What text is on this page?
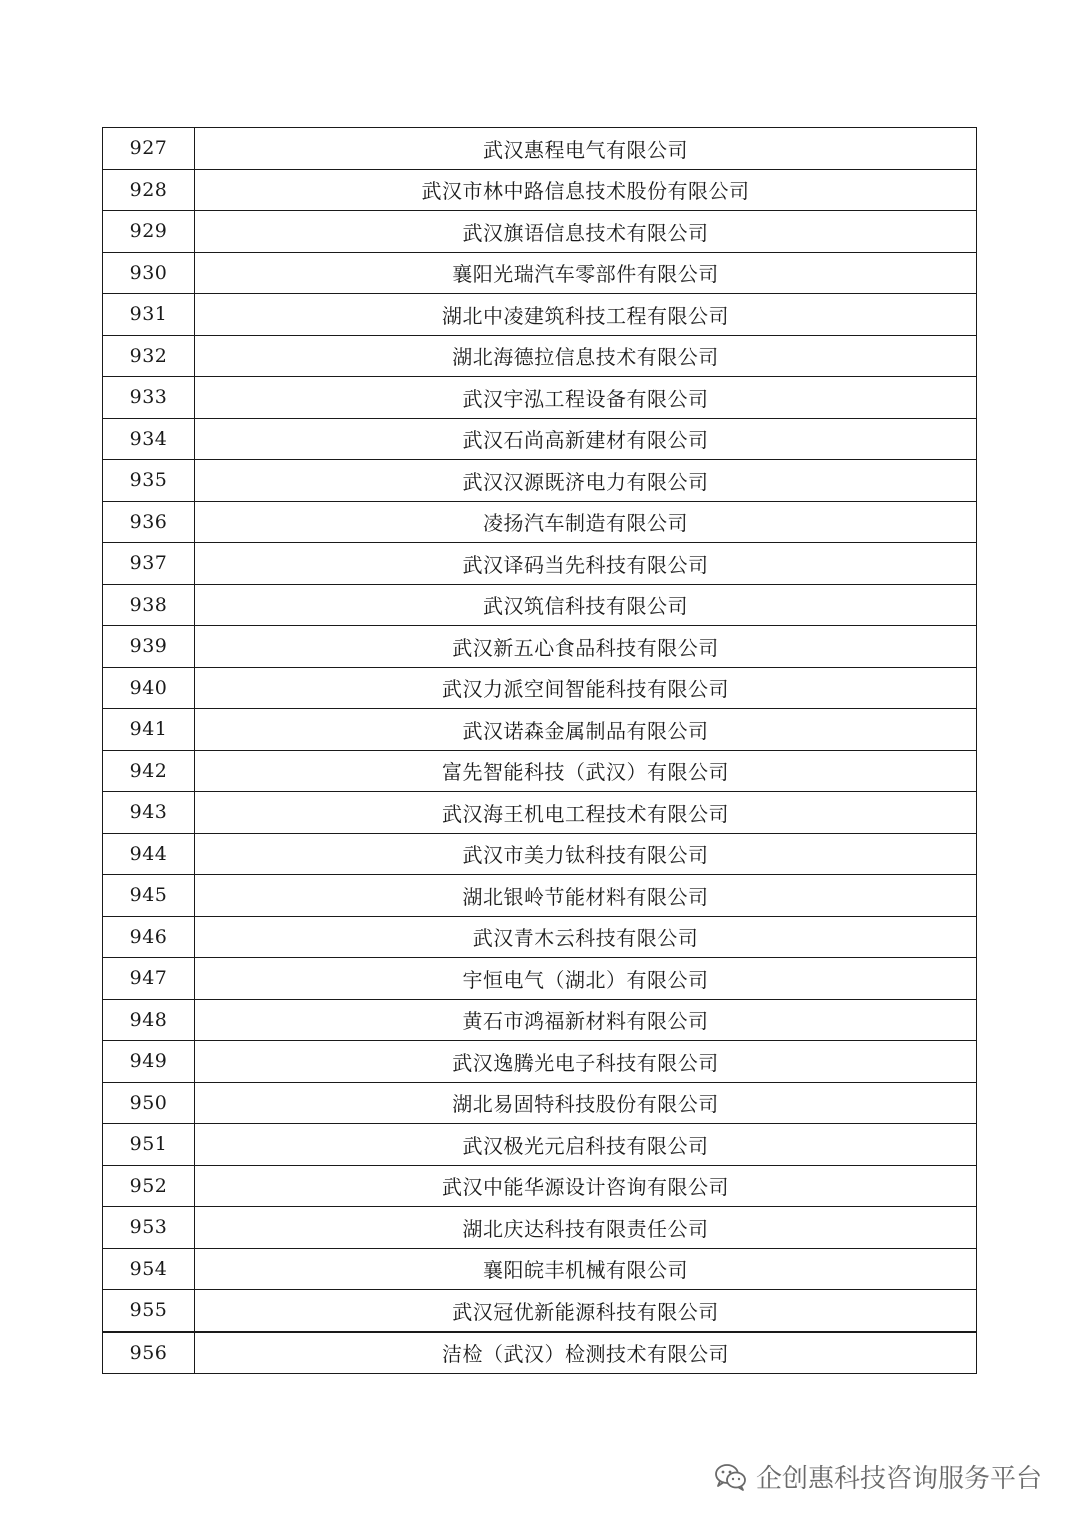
927	武汉惠程电气有限公司
928	武汉市林中路信息技术股份有限公司
929	武汉旗语信息技术有限公司
930	襄阳光瑞汽车零部件有限公司
931	湖北中凌建筑科技工程有限公司
932	湖北海德拉信息技术有限公司
933	武汉宇泓工程设备有限公司
934	武汉石尚高新建材有限公司
935	武汉汉源既济电力有限公司
936	凌扬汽车制造有限公司
937	武汉译码当先科技有限公司
938	武汉筑信科技有限公司
939	武汉新五心食品科技有限公司
940	武汉力派空间智能科技有限公司
941	武汉诺森金属制品有限公司
942	富先智能科技（武汉）有限公司
943	武汉海王机电工程技术有限公司
944	武汉市美力钛科技有限公司
945	湖北银岭节能材料有限公司
946	武汉青木云科技有限公司
947	宇恒电气（湖北）有限公司
948	黄石市鸿福新材料有限公司
949	武汉逸腾光电子科技有限公司
950	湖北易固特科技股份有限公司
951	武汉极光元启科技有限公司
952	武汉中能华源设计咨询有限公司
953	湖北庆达科技有限责任公司
954	襄阳皖丰机械有限公司
955	武汉冠优新能源科技有限公司
956	洁检（武汉）检测技术有限公司
企创惠科技咨询服务平台
